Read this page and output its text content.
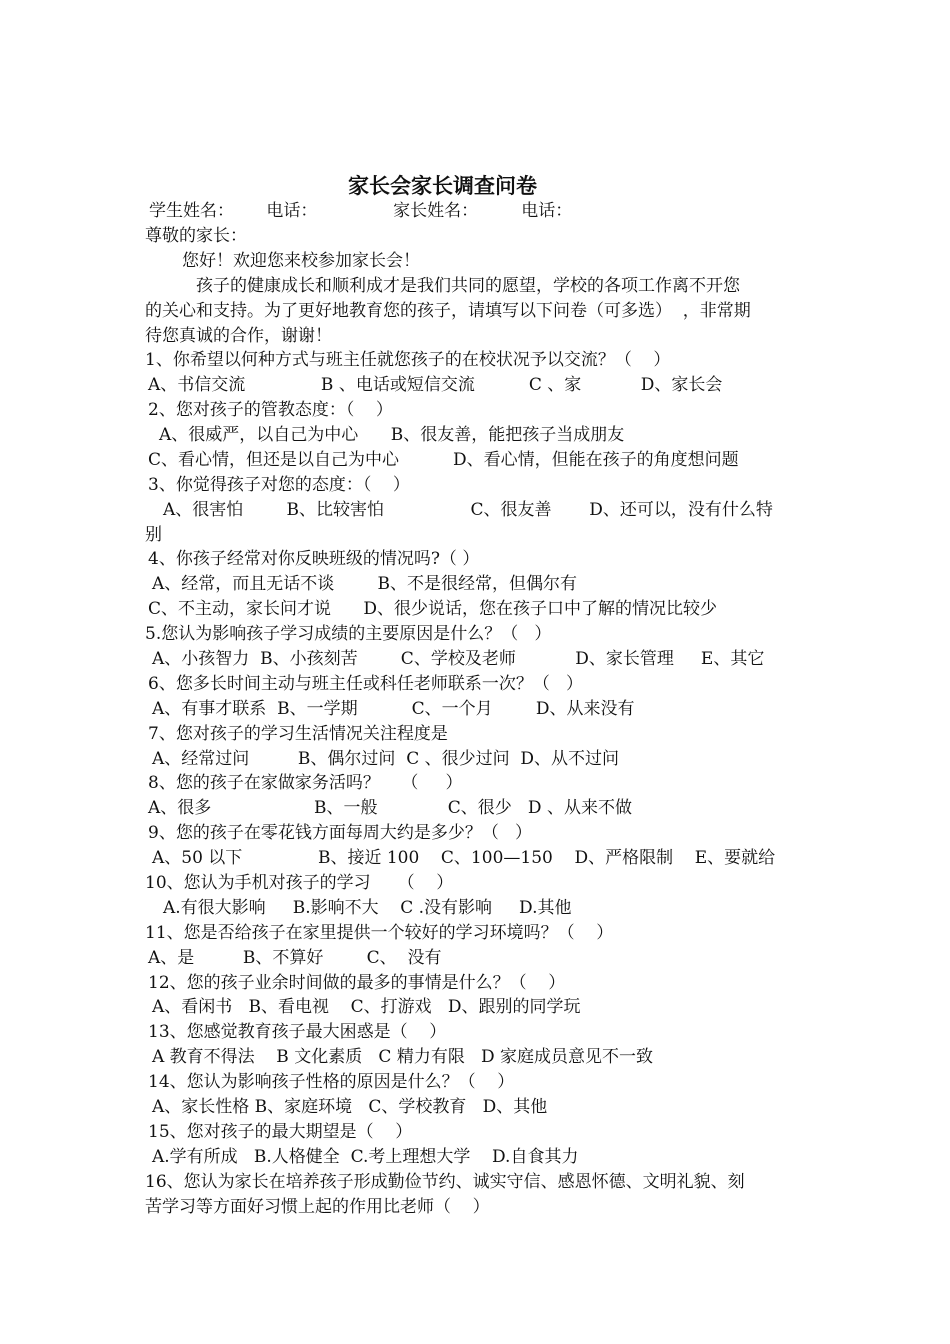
家长会家长调查问卷
学生姓名：      电话：              家长姓名：        电话：
尊敬的家长：
您好！欢迎您来校参加家长会！
孩子的健康成长和顺利成才是我们共同的愿望，学校的各项工作离不开您
的关心和支持。为了更好地教育您的孩子，请填写以下问卷（可多选）  ，非常期
待您真诚的合作，谢谢！
1、你希望以何种方式与班主任就您孩子的在校状况予以交流？（    ）
A、书信交流              B 、电话或短信交流          C 、家           D、家长会
2、您对孩子的管教态度：（    ）
A、很威严，以自己为中心      B、很友善，能把孩子当成朋友
C、看心情，但还是以自己为中心          D、看心情，但能在孩子的角度想问题
3、你觉得孩子对您的态度：（    ）
A、很害怕        B、比较害怕                C、很友善       D、还可以，没有什么特
别
4、你孩子经常对你反映班级的情况吗?（ ）
A、经常，而且无话不谈        B、不是很经常，但偶尔有
C、不主动，家长问才说      D、很少说话，您在孩子口中了解的情况比较少
5.您认为影响孩子学习成绩的主要原因是什么？（   ）
A、小孩智力  B、小孩刻苦        C、学校及老师           D、家长管理     E、其它
6、您多长时间主动与班主任或科任老师联系一次？（   ）
A、有事才联系  B、一学期          C、一个月        D、从来没有
7、您对孩子的学习生活情况关注程度是
A、经常过问         B、偶尔过问  C 、很少过问  D、从不过问
8、您的孩子在家做家务活吗？    （     ）
A、很多                   B、一般             C、很少   D 、从来不做
9、您的孩子在零花钱方面每周大约是多少？（   ）
A、50 以下              B、接近 100    C、100—150    D、严格限制    E、要就给
10、您认为手机对孩子的学习     （    ）
A.有很大影响     B.影响不大    C .没有影响     D.其他
11、您是否给孩子在家里提供一个较好的学习环境吗？（    ）
A、是         B、不算好        C、  没有
12、您的孩子业余时间做的最多的事情是什么？（    ）
A、看闲书   B、看电视    C、打游戏   D、跟别的同学玩
13、您感觉教育孩子最大困惑是（    ）
A 教育不得法    B 文化素质   C 精力有限   D 家庭成员意见不一致
14、您认为影响孩子性格的原因是什么？（    ）
A、家长性格 B、家庭环境   C、学校教育   D、其他
15、您对孩子的最大期望是（    ）
A.学有所成   B.人格健全  C.考上理想大学    D.自食其力
16、您认为家长在培养孩子形成勤俭节约、诚实守信、感恩怀德、文明礼貌、刻
苦学习等方面好习惯上起的作用比老师（    ）
